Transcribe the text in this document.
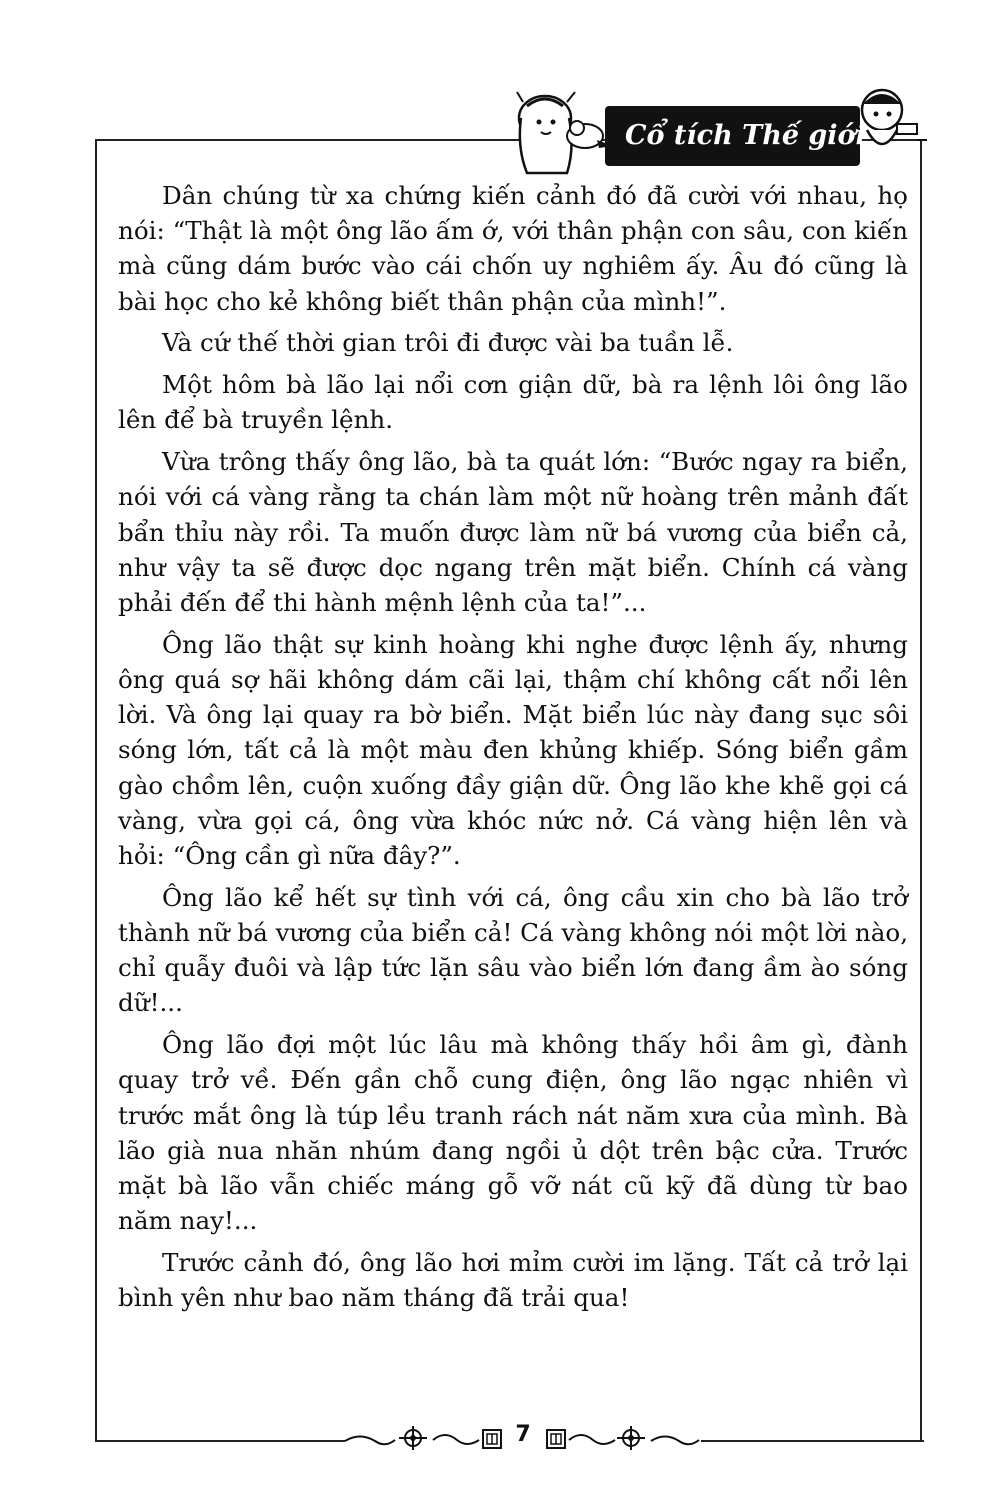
Cổ tích Thế giới

Dân chúng từ xa chứng kiến cảnh đó đã cười với nhau, họ nói: “Thật là một ông lão ấm ớ, với thân phận con sâu, con kiến mà cũng dám bước vào cái chốn uy nghiêm ấy. Âu đó cũng là bài học cho kẻ không biết thân phận của mình!”.

Và cứ thế thời gian trôi đi được vài ba tuần lễ.

Một hôm bà lão lại nổi cơn giận dữ, bà ra lệnh lôi ông lão lên để bà truyền lệnh.

Vừa trông thấy ông lão, bà ta quát lớn: “Bước ngay ra biển, nói với cá vàng rằng ta chán làm một nữ hoàng trên mảnh đất bẩn thỉu này rồi. Ta muốn được làm nữ bá vương của biển cả, như vậy ta sẽ được dọc ngang trên mặt biển. Chính cá vàng phải đến để thi hành mệnh lệnh của ta!”...

Ông lão thật sự kinh hoàng khi nghe được lệnh ấy, nhưng ông quá sợ hãi không dám cãi lại, thậm chí không cất nổi lên lời. Và ông lại quay ra bờ biển. Mặt biển lúc này đang sục sôi sóng lớn, tất cả là một màu đen khủng khiếp. Sóng biển gầm gào chồm lên, cuộn xuống đầy giận dữ. Ông lão khe khẽ gọi cá vàng, vừa gọi cá, ông vừa khóc nức nở. Cá vàng hiện lên và hỏi: “Ông cần gì nữa đây?”.

Ông lão kể hết sự tình với cá, ông cầu xin cho bà lão trở thành nữ bá vương của biển cả! Cá vàng không nói một lời nào, chỉ quẫy đuôi và lập tức lặn sâu vào biển lớn đang ầm ào sóng dữ!...

Ông lão đợi một lúc lâu mà không thấy hồi âm gì, đành quay trở về. Đến gần chỗ cung điện, ông lão ngạc nhiên vì trước mắt ông là túp lều tranh rách nát năm xưa của mình. Bà lão già nua nhăn nhúm đang ngồi ủ dột trên bậc cửa. Trước mặt bà lão vẫn chiếc máng gỗ vỡ nát cũ kỹ đã dùng từ bao năm nay!...

Trước cảnh đó, ông lão hơi mỉm cười im lặng. Tất cả trở lại bình yên như bao năm tháng đã trải qua!

7
